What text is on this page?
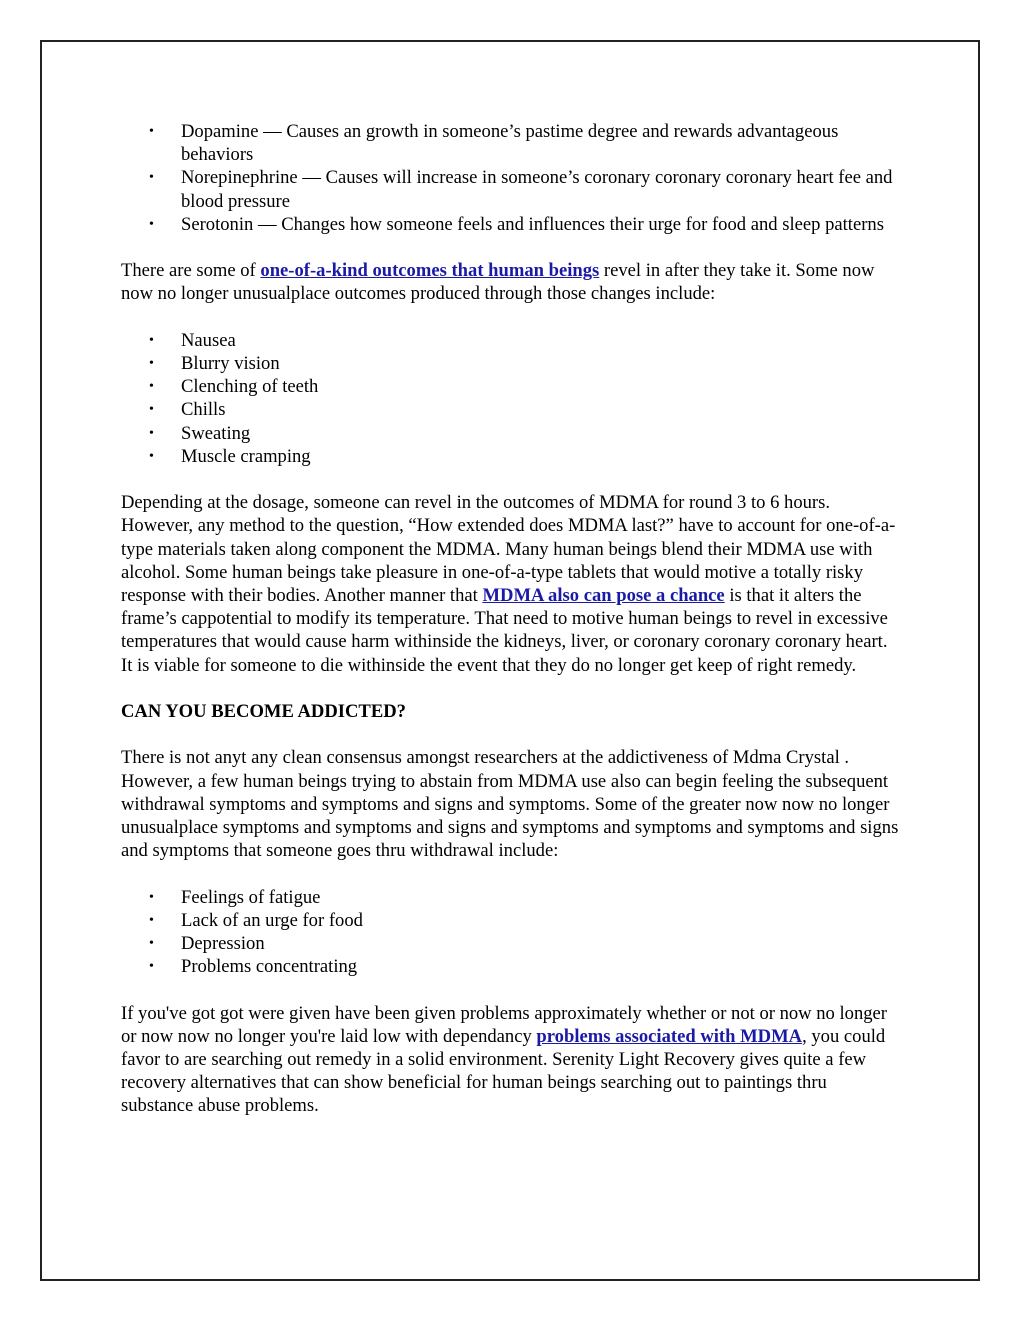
• Dopamine — Causes an growth in someone’s pastime degree and rewards advantageous behaviors
• Norepinephrine — Causes will increase in someone’s coronary coronary coronary heart fee and blood pressure
• Serotonin — Changes how someone feels and influences their urge for food and sleep patterns

There are some of one-of-a-kind outcomes that human beings revel in after they take it. Some now now no longer unusualplace outcomes produced through those changes include:

• Nausea
• Blurry vision
• Clenching of teeth
• Chills
• Sweating
• Muscle cramping

Depending at the dosage, someone can revel in the outcomes of MDMA for round 3 to 6 hours. However, any method to the question, “How extended does MDMA last?” have to account for one-of-a-type materials taken along component the MDMA. Many human beings blend their MDMA use with alcohol. Some human beings take pleasure in one-of-a-type tablets that would motive a totally risky response with their bodies. Another manner that MDMA also can pose a chance is that it alters the frame’s cappotential to modify its temperature. That need to motive human beings to revel in excessive temperatures that would cause harm withinside the kidneys, liver, or coronary coronary coronary heart. It is viable for someone to die withinside the event that they do no longer get keep of right remedy.

CAN YOU BECOME ADDICTED?

There is not anyt any clean consensus amongst researchers at the addictiveness of Mdma Crystal . However, a few human beings trying to abstain from MDMA use also can begin feeling the subsequent withdrawal symptoms and symptoms and signs and symptoms. Some of the greater now now no longer unusualplace symptoms and symptoms and signs and symptoms and symptoms and symptoms and signs and symptoms that someone goes thru withdrawal include:

• Feelings of fatigue
• Lack of an urge for food
• Depression
• Problems concentrating

If you've got got were given have been given problems approximately whether or not or now no longer or now now no longer you're laid low with dependancy problems associated with MDMA, you could favor to are searching out remedy in a solid environment. Serenity Light Recovery gives quite a few recovery alternatives that can show beneficial for human beings searching out to paintings thru substance abuse problems.
